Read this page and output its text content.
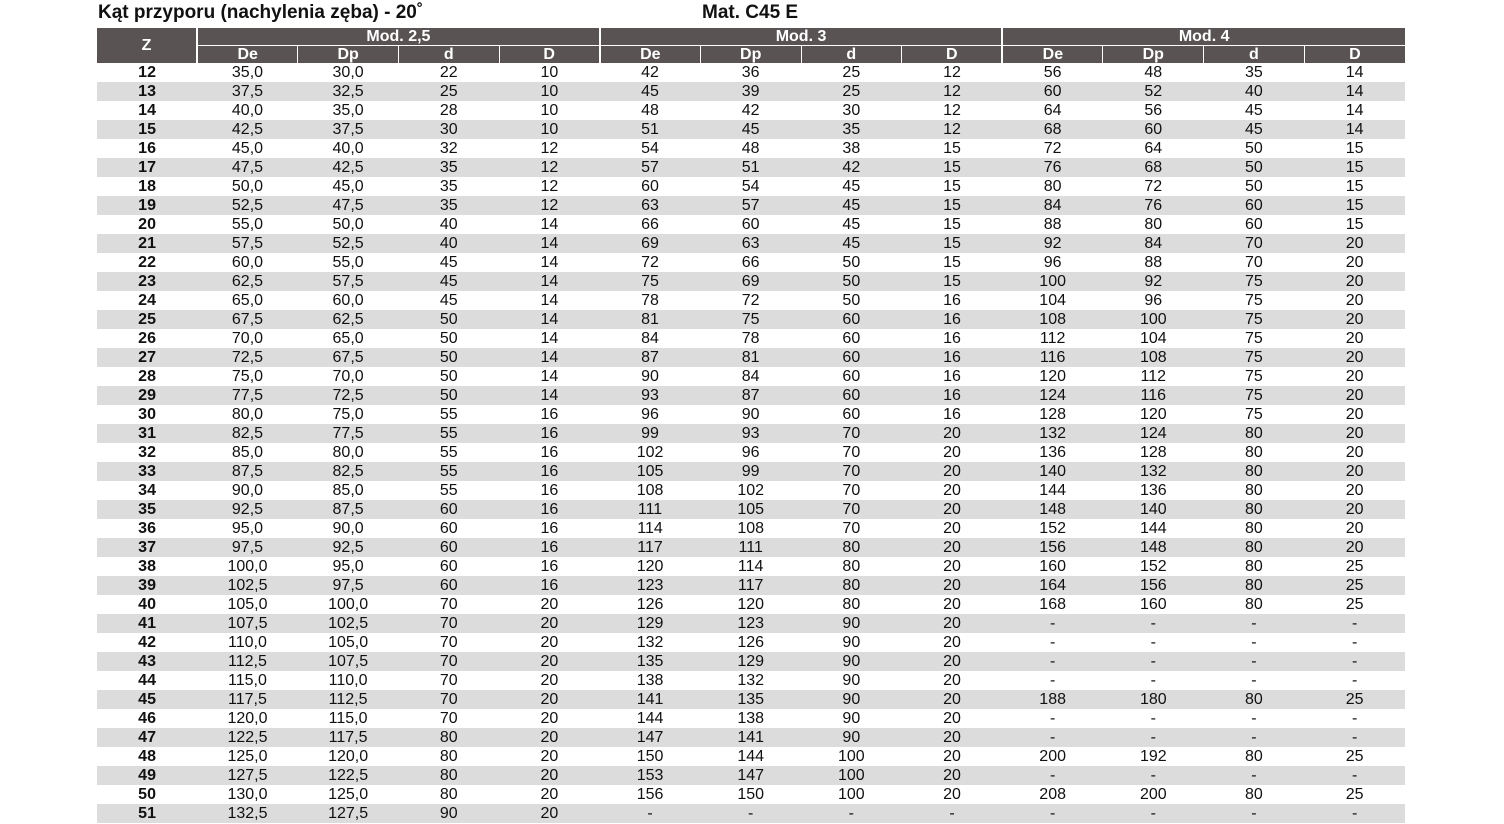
Kąt przyporu (nachylenia zęba) - 20˚	Mat. C45 E
Z	Mod. 2,5				Mod. 3				Mod. 4			
	De	Dp	d	D	De	Dp	d	D	De	Dp	d	D
12	35,0	30,0	22	10	42	36	25	12	56	48	35	14
13	37,5	32,5	25	10	45	39	25	12	60	52	40	14
14	40,0	35,0	28	10	48	42	30	12	64	56	45	14
15	42,5	37,5	30	10	51	45	35	12	68	60	45	14
16	45,0	40,0	32	12	54	48	38	15	72	64	50	15
17	47,5	42,5	35	12	57	51	42	15	76	68	50	15
18	50,0	45,0	35	12	60	54	45	15	80	72	50	15
19	52,5	47,5	35	12	63	57	45	15	84	76	60	15
20	55,0	50,0	40	14	66	60	45	15	88	80	60	15
21	57,5	52,5	40	14	69	63	45	15	92	84	70	20
22	60,0	55,0	45	14	72	66	50	15	96	88	70	20
23	62,5	57,5	45	14	75	69	50	15	100	92	75	20
24	65,0	60,0	45	14	78	72	50	16	104	96	75	20
25	67,5	62,5	50	14	81	75	60	16	108	100	75	20
26	70,0	65,0	50	14	84	78	60	16	112	104	75	20
27	72,5	67,5	50	14	87	81	60	16	116	108	75	20
28	75,0	70,0	50	14	90	84	60	16	120	112	75	20
29	77,5	72,5	50	14	93	87	60	16	124	116	75	20
30	80,0	75,0	55	16	96	90	60	16	128	120	75	20
31	82,5	77,5	55	16	99	93	70	20	132	124	80	20
32	85,0	80,0	55	16	102	96	70	20	136	128	80	20
33	87,5	82,5	55	16	105	99	70	20	140	132	80	20
34	90,0	85,0	55	16	108	102	70	20	144	136	80	20
35	92,5	87,5	60	16	111	105	70	20	148	140	80	20
36	95,0	90,0	60	16	114	108	70	20	152	144	80	20
37	97,5	92,5	60	16	117	111	80	20	156	148	80	20
38	100,0	95,0	60	16	120	114	80	20	160	152	80	25
39	102,5	97,5	60	16	123	117	80	20	164	156	80	25
40	105,0	100,0	70	20	126	120	80	20	168	160	80	25
41	107,5	102,5	70	20	129	123	90	20	-	-	-	-
42	110,0	105,0	70	20	132	126	90	20	-	-	-	-
43	112,5	107,5	70	20	135	129	90	20	-	-	-	-
44	115,0	110,0	70	20	138	132	90	20	-	-	-	-
45	117,5	112,5	70	20	141	135	90	20	188	180	80	25
46	120,0	115,0	70	20	144	138	90	20	-	-	-	-
47	122,5	117,5	80	20	147	141	90	20	-	-	-	-
48	125,0	120,0	80	20	150	144	100	20	200	192	80	25
49	127,5	122,5	80	20	153	147	100	20	-	-	-	-
50	130,0	125,0	80	20	156	150	100	20	208	200	80	25
51	132,5	127,5	90	20	-	-	-	-	-	-	-	-
